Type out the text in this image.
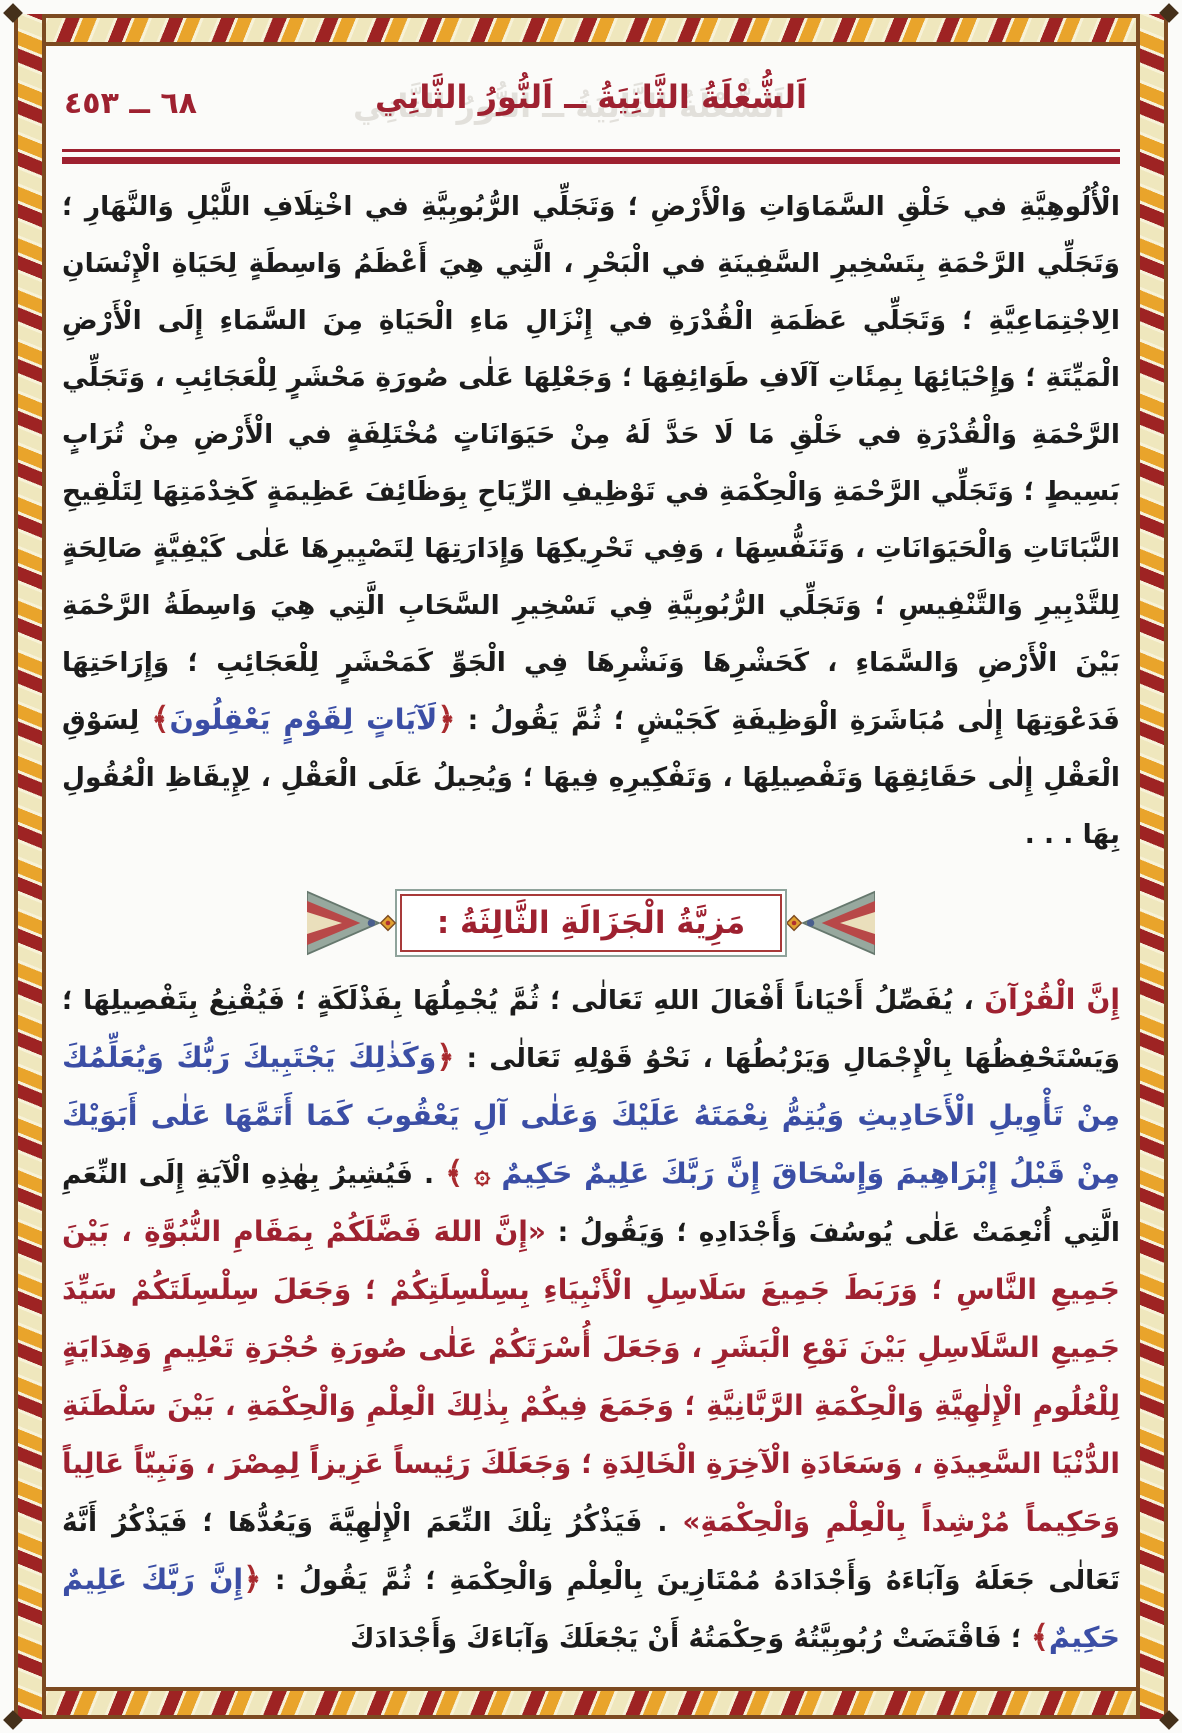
٦٨ ــ ٤٥٣	اَلشُّعْلَةُ الثَّانِيَةُ ــ اَلنُّورُ الثَّانِي
الْأُلُوهِيَّةِ في خَلْقِ السَّمَاوَاتِ وَالْأَرْضِ ؛ وَتَجَلِّي الرُّبُوبِيَّةِ في اخْتِلَافِ اللَّيْلِ وَالنَّهَارِ ؛ وَتَجَلِّي الرَّحْمَةِ بِتَسْخِيرِ السَّفِينَةِ في الْبَحْرِ ، الَّتِي هِيَ أَعْظَمُ وَاسِطَةٍ لِحَيَاةِ الْإِنْسَانِ الِاجْتِمَاعِيَّةِ ؛ وَتَجَلِّي عَظَمَةِ الْقُدْرَةِ في إِنْزَالِ مَاءِ الْحَيَاةِ مِنَ السَّمَاءِ إِلَى الْأَرْضِ الْمَيِّتَةِ ؛ وَإِحْيَائِهَا بِمِئَاتِ آلَافِ طَوَائِفِهَا ؛ وَجَعْلِهَا عَلٰى صُورَةِ مَحْشَرٍ لِلْعَجَائِبِ ، وَتَجَلِّي الرَّحْمَةِ وَالْقُدْرَةِ في خَلْقِ مَا لَا حَدَّ لَهُ مِنْ حَيَوَانَاتٍ مُخْتَلِفَةٍ في الْأَرْضِ مِنْ تُرَابٍ بَسِيطٍ ؛ وَتَجَلِّي الرَّحْمَةِ وَالْحِكْمَةِ في تَوْظِيفِ الرِّيَاحِ بِوَظَائِفَ عَظِيمَةٍ كَخِدْمَتِهَا لِتَلْقِيحِ النَّبَاتَاتِ وَالْحَيَوَانَاتِ ، وَتَنَفُّسِهَا ، وَفِي تَحْرِيكِهَا وَإِدَارَتِهَا لِتَصْيِيرِهَا عَلٰى كَيْفِيَّةٍ صَالِحَةٍ لِلتَّدْبِيرِ وَالتَّنْفِيسِ ؛ وَتَجَلِّي الرُّبُوبِيَّةِ فِي تَسْخِيرِ السَّحَابِ الَّتِي هِيَ وَاسِطَةُ الرَّحْمَةِ بَيْنَ الْأَرْضِ وَالسَّمَاءِ ، كَحَشْرِهَا وَنَشْرِهَا فِي الْجَوِّ كَمَحْشَرٍ لِلْعَجَائِبِ ؛ وَإِرَاحَتِهَا فَدَعْوَتِهَا إِلٰى مُبَاشَرَةِ الْوَظِيفَةِ كَجَيْشٍ ؛ ثُمَّ يَقُولُ : ﴿لَآيَاتٍ لِقَوْمٍ يَعْقِلُونَ﴾ لِسَوْقِ الْعَقْلِ إِلٰى حَقَائِقِهَا وَتَفْصِيلِهَا ، وَتَفْكِيرِهِ فِيهَا ؛ وَيُحِيلُ عَلَى الْعَقْلِ ، لِإِيقَاظِ الْعُقُولِ بِهَا . . .
مَزِيَّةُ الْجَزَالَةِ الثَّالِثَةُ :
إِنَّ الْقُرْآنَ ، يُفَصِّلُ أَحْيَاناً أَفْعَالَ اللهِ تَعَالٰى ؛ ثُمَّ يُجْمِلُهَا بِفَذْلَكَةٍ ؛ فَيُقْنِعُ بِتَفْصِيلِهَا ؛ وَيَسْتَحْفِظُهَا بِالْإِجْمَالِ وَيَرْبُطُهَا ، نَحْوُ قَوْلِهِ تَعَالٰى : ﴿وَكَذٰلِكَ يَجْتَبِيكَ رَبُّكَ وَيُعَلِّمُكَ مِنْ تَأْوِيلِ الْأَحَادِيثِ وَيُتِمُّ نِعْمَتَهُ عَلَيْكَ وَعَلٰى آلِ يَعْقُوبَ كَمَا أَتَمَّهَا عَلٰى أَبَوَيْكَ مِنْ قَبْلُ إِبْرَاهِيمَ وَإِسْحَاقَ إِنَّ رَبَّكَ عَلِيمٌ حَكِيمٌ ۞ ﴾ . فَيُشِيرُ بِهٰذِهِ الْآيَةِ إِلَى النِّعَمِ الَّتِي أُنْعِمَتْ عَلٰى يُوسُفَ وَأَجْدَادِهِ ؛ وَيَقُولُ : «إِنَّ اللهَ فَضَّلَكُمْ بِمَقَامِ النُّبُوَّةِ ، بَيْنَ جَمِيعِ النَّاسِ ؛ وَرَبَطَ جَمِيعَ سَلَاسِلِ الْأَنْبِيَاءِ بِسِلْسِلَتِكُمْ ؛ وَجَعَلَ سِلْسِلَتَكُمْ سَيِّدَ جَمِيعِ السَّلَاسِلِ بَيْنَ نَوْعِ الْبَشَرِ ، وَجَعَلَ أُسْرَتَكُمْ عَلٰى صُورَةِ حُجْرَةِ تَعْلِيمٍ وَهِدَايَةٍ لِلْعُلُومِ الْإِلٰهِيَّةِ وَالْحِكْمَةِ الرَّبَّانِيَّةِ ؛ وَجَمَعَ فِيكُمْ بِذٰلِكَ الْعِلْمِ وَالْحِكْمَةِ ، بَيْنَ سَلْطَنَةِ الدُّنْيَا السَّعِيدَةِ ، وَسَعَادَةِ الْآخِرَةِ الْخَالِدَةِ ؛ وَجَعَلَكَ رَئِيساً عَزِيزاً لِمِصْرَ ، وَنَبِيّاً عَالِياً وَحَكِيماً مُرْشِداً بِالْعِلْمِ وَالْحِكْمَةِ» . فَيَذْكُرُ تِلْكَ النِّعَمَ الْإِلٰهِيَّةَ وَيَعُدُّهَا ؛ فَيَذْكُرُ أَنَّهُ تَعَالٰى جَعَلَهُ وَآبَاءَهُ وَأَجْدَادَهُ مُمْتَازِينَ بِالْعِلْمِ وَالْحِكْمَةِ ؛ ثُمَّ يَقُولُ : ﴿إِنَّ رَبَّكَ عَلِيمٌ حَكِيمٌ﴾ ؛ فَاقْتَضَتْ رُبُوبِيَّتُهُ وَحِكْمَتُهُ أَنْ يَجْعَلَكَ وَآبَاءَكَ وَأَجْدَادَكَ
